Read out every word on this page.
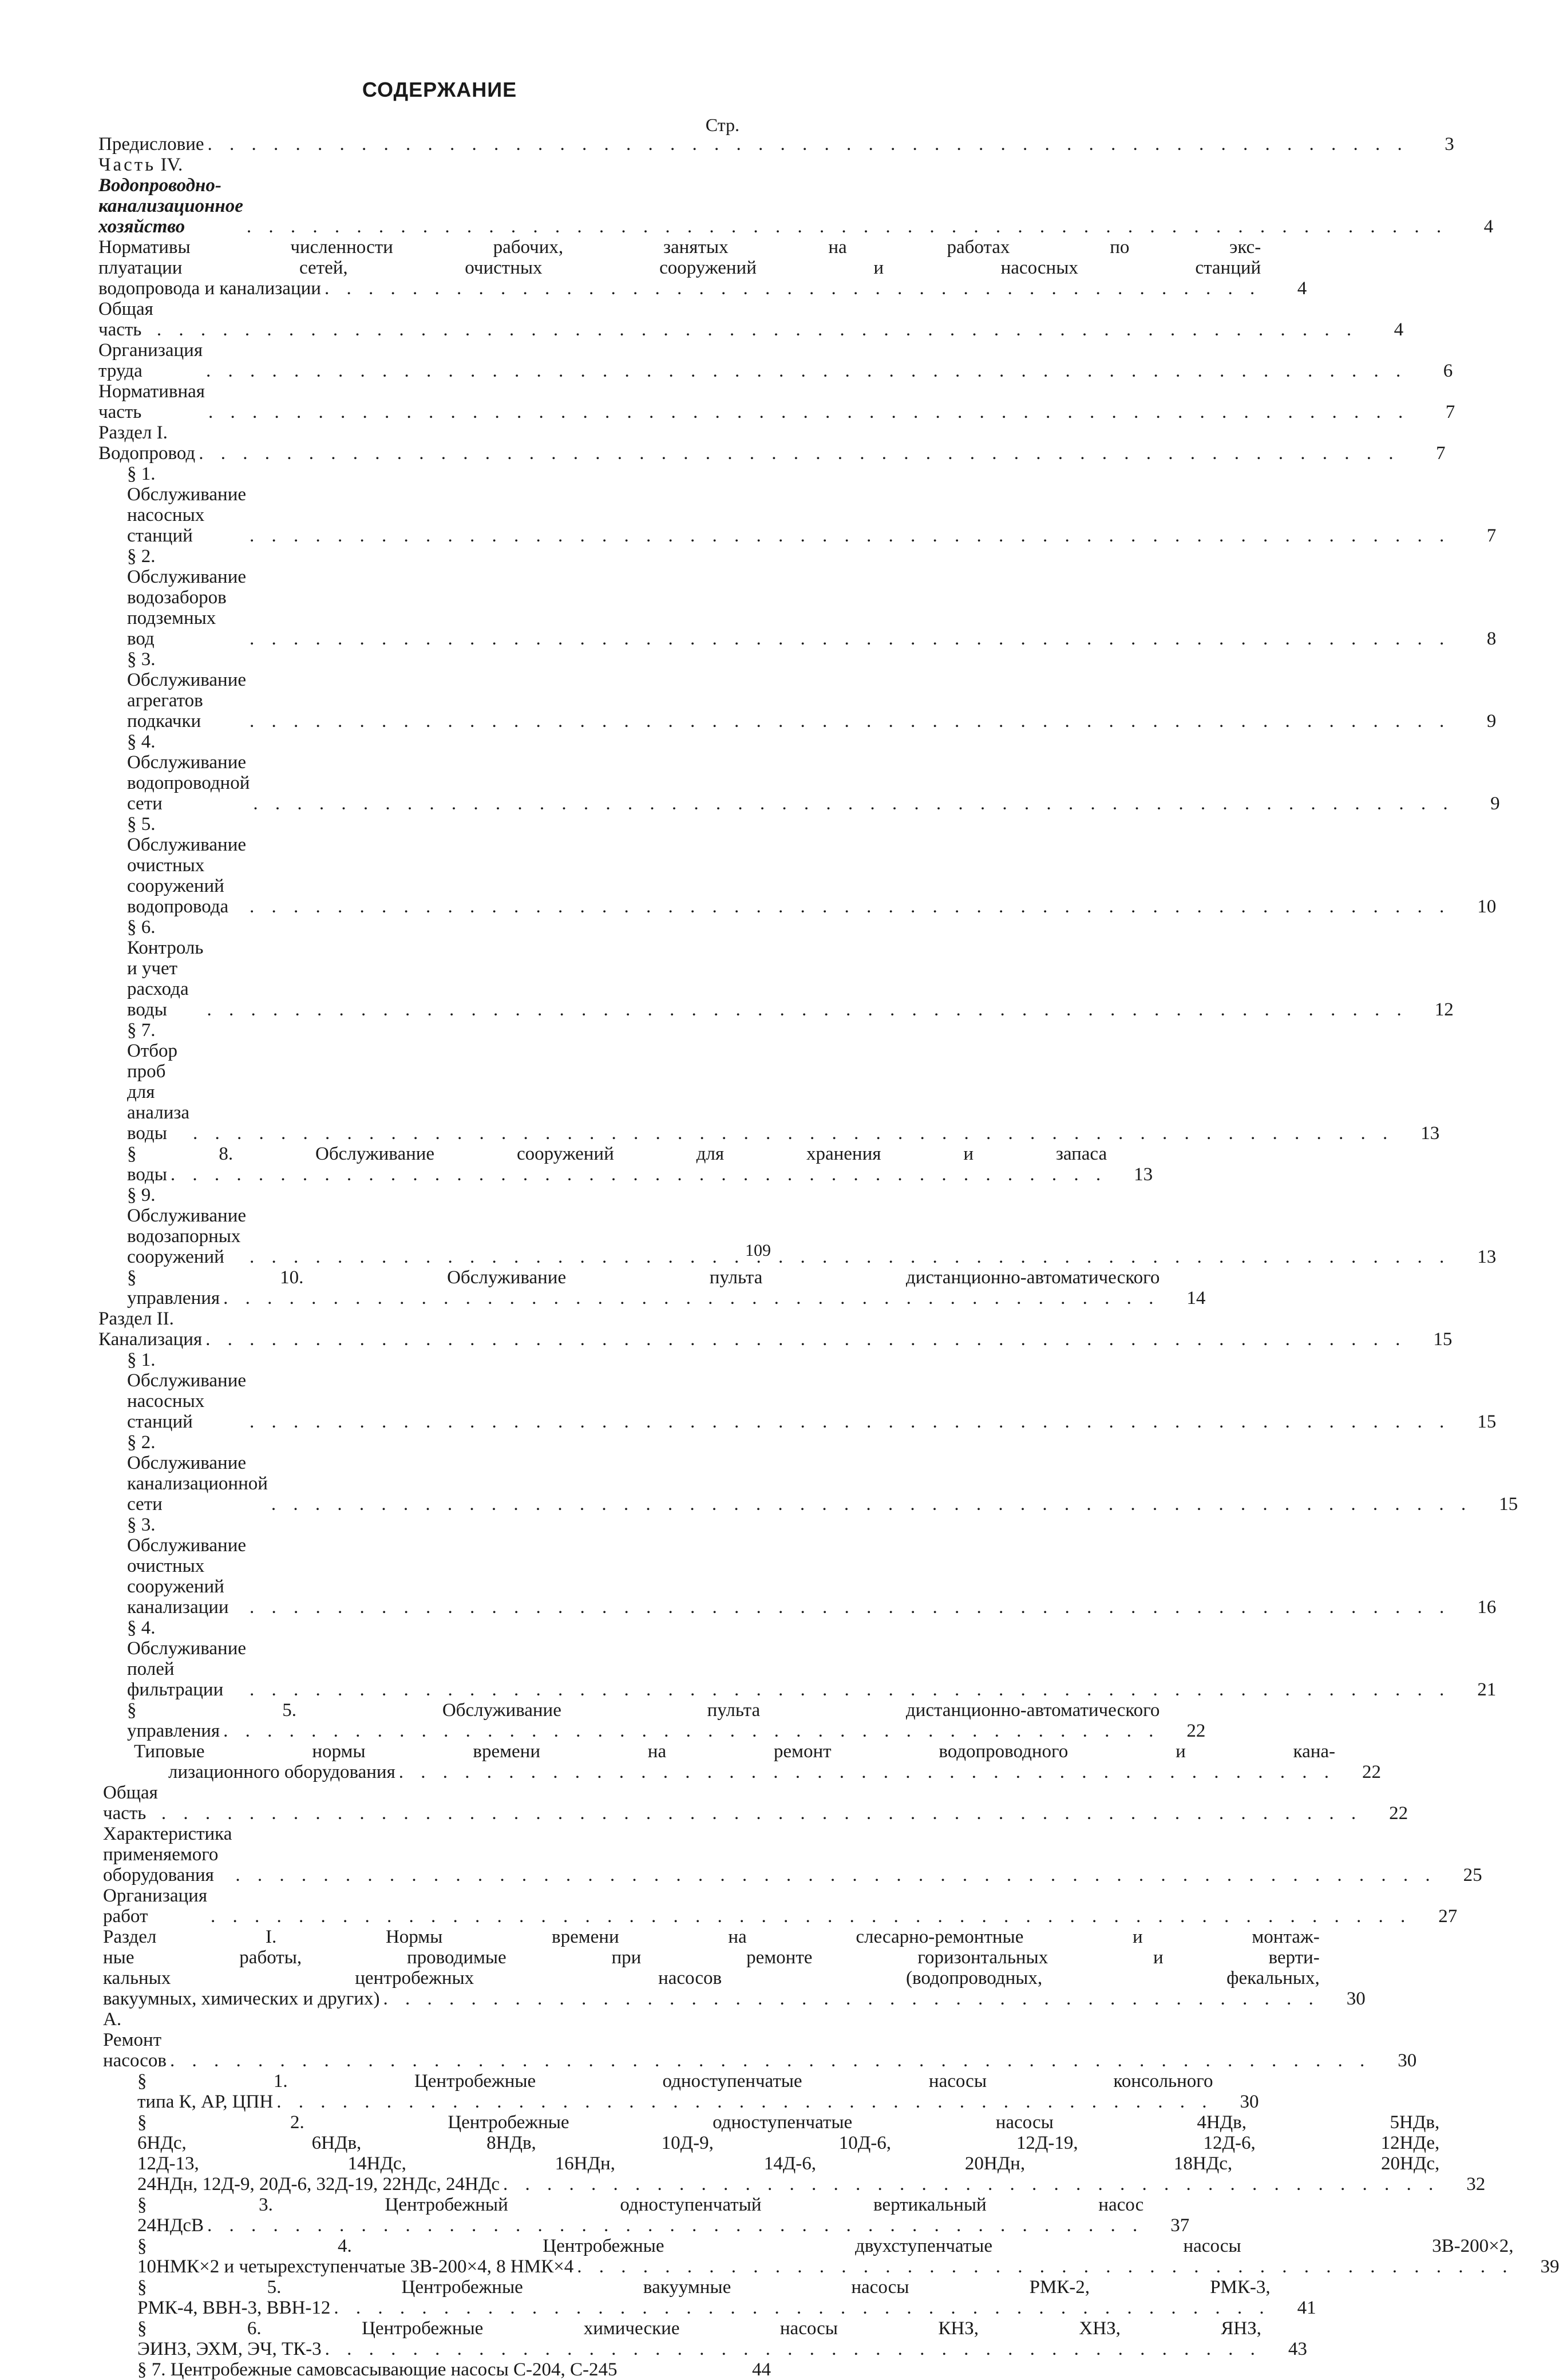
СОДЕРЖАНИЕ
Стр.
Предисловие . . .	3
Часть IV. Водопроводно-канализационное хозяйство . . .	4
Нормативы численности рабочих, занятых на работах по экс-
плуатации сетей, очистных сооружений и насосных станций
водопровода и канализации . . .	4
Общая часть . . .	4
Организация труда . . .	6
Нормативная часть . . .	7
Раздел I. Водопровод . . .	7
§ 1. Обслуживание насосных станций . . .	7
§ 2. Обслуживание водозаборов подземных вод . . .	8
§ 3. Обслуживание агрегатов подкачки . . .	9
§ 4. Обслуживание водопроводной сети . . .	9
§ 5. Обслуживание очистных сооружений водопровода . . .	10
§ 6. Контроль и учет расхода воды . . .	12
§ 7. Отбор проб для анализа воды . . .	13
§ 8. Обслуживание сооружений для хранения и запаса
воды . . .	13
§ 9. Обслуживание водозапорных сооружений . . .	13
§ 10. Обслуживание пульта дистанционно-автоматического
управления . . .	14
Раздел II. Канализация . . .	15
§ 1. Обслуживание насосных станций . . .	15
§ 2. Обслуживание канализационной сети . . .	15
§ 3. Обслуживание очистных сооружений канализации . . .	16
§ 4. Обслуживание полей фильтрации . . .	21
§ 5. Обслуживание пульта дистанционно-автоматического
управления . . .	22
Типовые нормы времени на ремонт водопроводного и кана-
лизационного оборудования . . .	22
Общая часть . . .	22
Характеристика применяемого оборудования . . .	25
Организация работ . . .	27
Раздел I. Нормы времени на слесарно-ремонтные и монтаж-
ные работы, проводимые при ремонте горизонтальных и верти-
кальных центробежных насосов (водопроводных, фекальных,
вакуумных, химических и других) . . .	30
А. Ремонт насосов . . .	30
§ 1. Центробежные одноступенчатые насосы консольного
типа К, АР, ЦПН . . .	30
§ 2. Центробежные одноступенчатые насосы 4НДв, 5НДв,
6НДс, 6НДв, 8НДв, 10Д-9, 10Д-6, 12Д-19, 12Д-6, 12НДе,
12Д-13, 14НДс, 16НДн, 14Д-6, 20НДн, 18НДс, 20НДс,
24НДн, 12Д-9, 20Д-6, 32Д-19, 22НДс, 24НДс . . .	32
§ 3. Центробежный одноступенчатый вертикальный насос
24НДсВ . . .	37
§ 4. Центробежные двухступенчатые насосы 3В-200×2,
10НМК×2 и четырехступенчатые 3В-200×4, 8 НМК×4 . . .	39
§ 5. Центробежные вакуумные насосы РМК-2, РМК-3,
РМК-4, ВВН-3, ВВН-12 . . .	41
§ 6. Центробежные химические насосы КНЗ, ХНЗ, ЯНЗ,
ЭИНЗ, ЭХМ, ЭЧ, ТК-3 . . .	43
§ 7. Центробежные самовсасывающие насосы С-204, С-245	44
109
